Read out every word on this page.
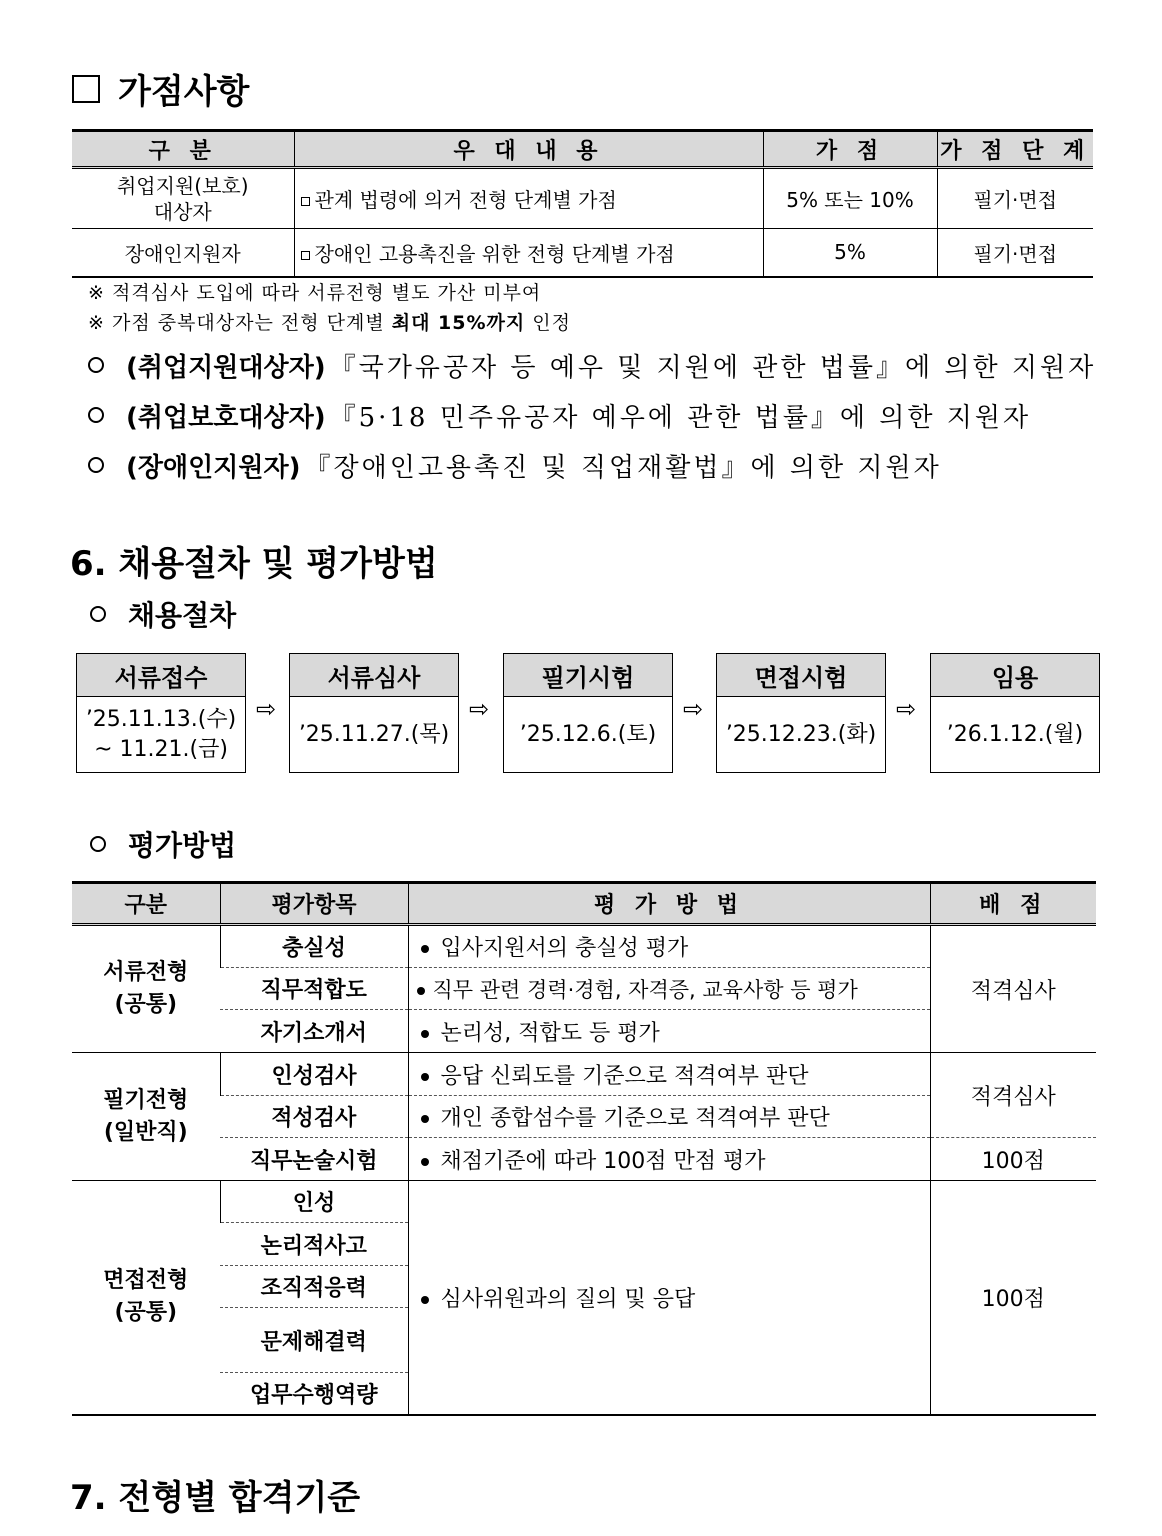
가점사항
구 분	우 대 내 용	가 점	가 점 단 계
취업지원(보호)
대상자	관계 법령에 의거 전형 단계별 가점	5% 또는 10%	필기·면접
장애인지원자	장애인 고용촉진을 위한 전형 단계별 가점	5%	필기·면접
※ 적격심사 도입에 따라 서류전형 별도 가산 미부여
※ 가점 중복대상자는 전형 단계별 최대 15%까지 인정
(취업지원대상자) 『국가유공자 등 예우 및 지원에 관한 법률』에 의한 지원자
(취업보호대상자) 『5·18 민주유공자 예우에 관한 법률』에 의한 지원자
(장애인지원자) 『장애인고용촉진 및 직업재활법』에 의한 지원자
6. 채용절차 및 평가방법
채용절차
서류접수
’25.11.13.(수)
~ 11.21.(금)
⇨
서류심사
’25.11.27.(목)
⇨
필기시험
’25.12.6.(토)
⇨
면접시험
’25.12.23.(화)
⇨
임용
’26.1.12.(월)
평가방법
구분	평가항목	평 가 방 법	배 점
서류전형
(공통)	충실성	입사지원서의 충실성 평가	적격심사
	직무적합도	직무 관련 경력·경험, 자격증, 교육사항 등 평가	
	자기소개서	논리성, 적합도 등 평가	
필기전형
(일반직)	인성검사	응답 신뢰도를 기준으로 적격여부 판단	적격심사
	적성검사	개인 종합섬수를 기준으로 적격여부 판단	
	직무논술시험	채점기준에 따라 100점 만점 평가	100점
면접전형
(공통)	인성	심사위원과의 질의 및 응답	100점
	논리적사고		
	조직적응력		
	문제해결력		
	업무수행역량		
7. 전형별 합격기준
